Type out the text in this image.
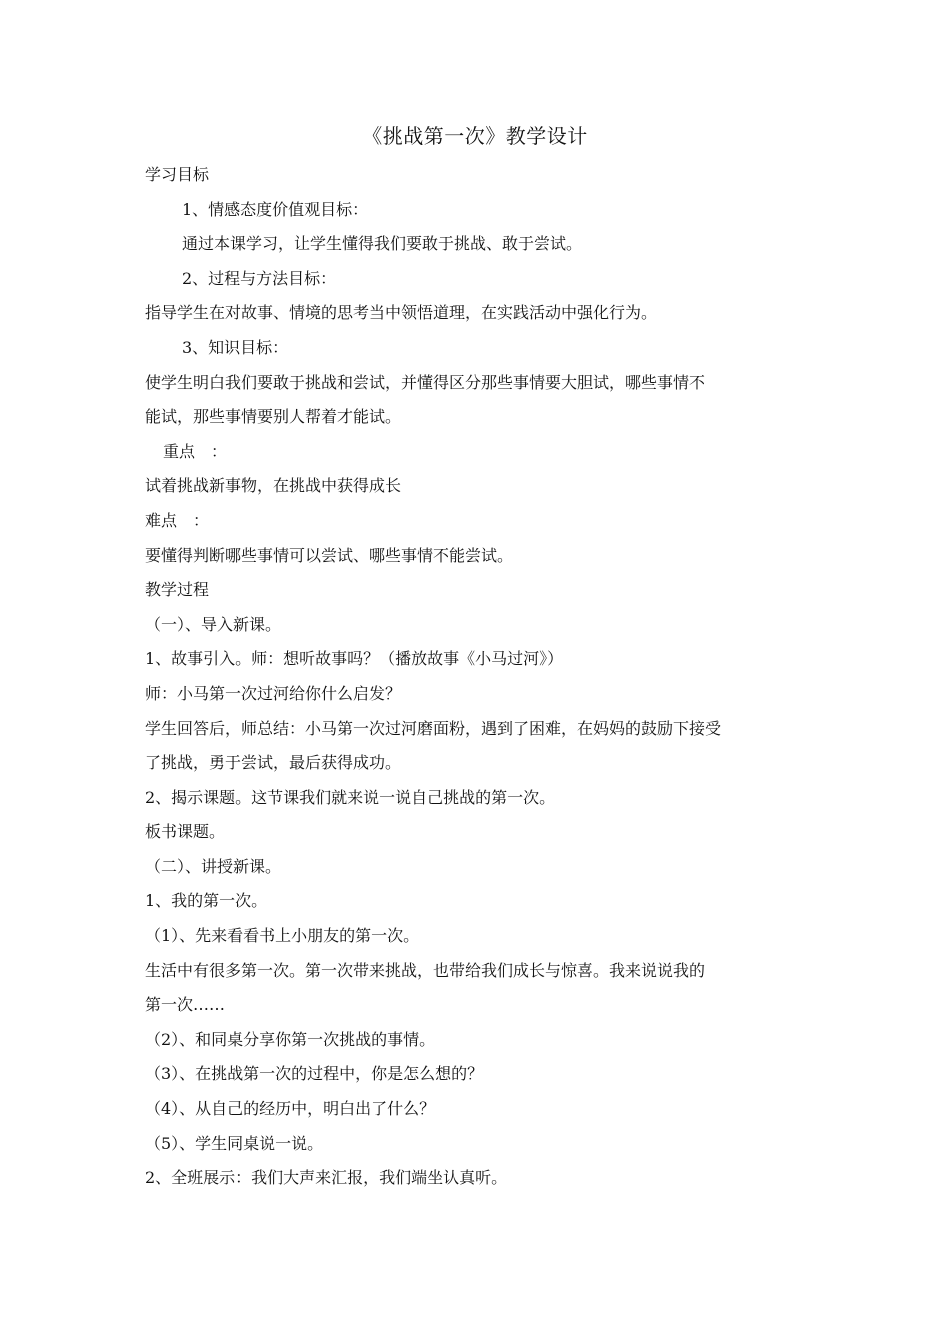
《挑战第一次》教学设计
学习目标
1、情感态度价值观目标：
通过本课学习，让学生懂得我们要敢于挑战、敢于尝试。
2、过程与方法目标：
指导学生在对故事、情境的思考当中领悟道理，在实践活动中强化行为。
3、知识目标：
使学生明白我们要敢于挑战和尝试，并懂得区分那些事情要大胆试，哪些事情不
能试，那些事情要别人帮着才能试。
重点　：
试着挑战新事物，在挑战中获得成长
难点　：
要懂得判断哪些事情可以尝试、哪些事情不能尝试。
教学过程
（一）、导入新课。
1、故事引入。师：想听故事吗？（播放故事《小马过河》）
师：小马第一次过河给你什么启发？
学生回答后，师总结：小马第一次过河磨面粉，遇到了困难，在妈妈的鼓励下接受
了挑战，勇于尝试，最后获得成功。
2、揭示课题。这节课我们就来说一说自己挑战的第一次。
板书课题。
（二）、讲授新课。
1、我的第一次。
（1）、先来看看书上小朋友的第一次。
生活中有很多第一次。第一次带来挑战，也带给我们成长与惊喜。我来说说我的
第一次……
（2）、和同桌分享你第一次挑战的事情。
（3）、在挑战第一次的过程中，你是怎么想的？
（4）、从自己的经历中，明白出了什么？
（5）、学生同桌说一说。
2、全班展示：我们大声来汇报，我们端坐认真听。
